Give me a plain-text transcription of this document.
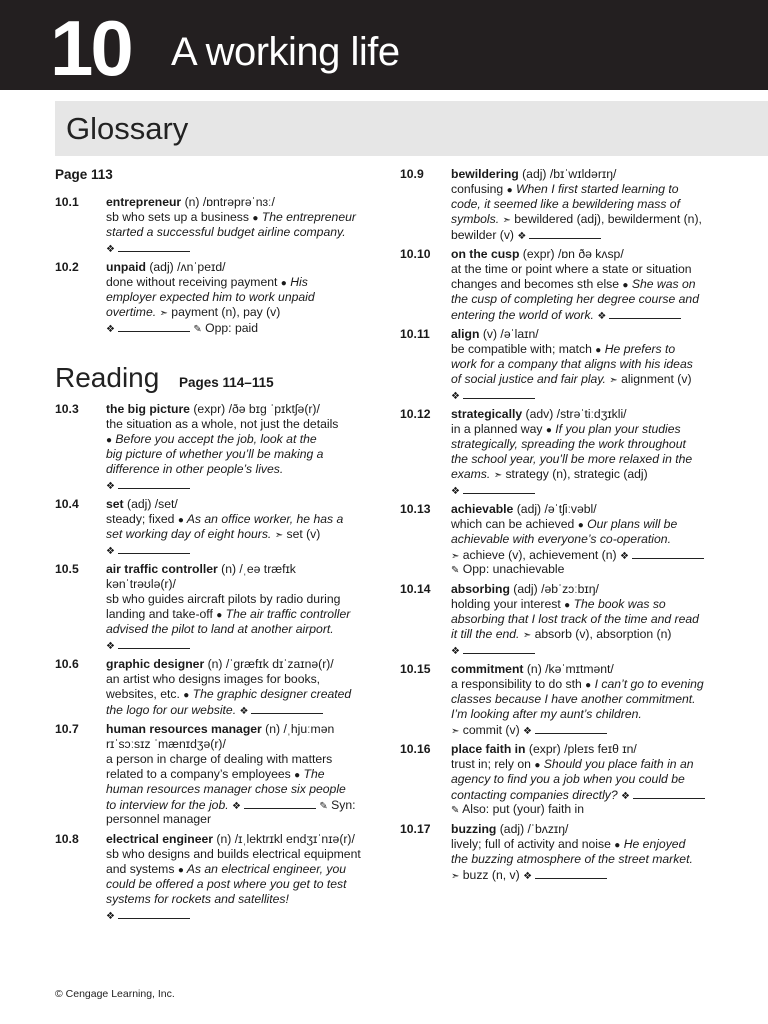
10 A working life
Glossary
Page 113
Reading Pages 114–115
10.1 entrepreneur (n) /ɒntrəprəˈnɜː/
sb who sets up a business ● The entrepreneur
started a successful budget airline company.
❖
10.2 unpaid (adj) /ʌnˈpeɪd/
done without receiving payment ● His
employer expected him to work unpaid
overtime. ➣ payment (n), pay (v)
❖	✎ Opp: paid
10.3 the big picture (expr) /ðə bɪɡ ˈpɪktʃə(r)/
the situation as a whole, not just the details
● Before you accept the job, look at the
big picture of whether you’ll be making a
difference in other people’s lives.
❖
10.4 set (adj) /set/
steady; fixed ● As an office worker, he has a
set working day of eight hours. ➣ set (v)
❖
10.5 air traffic controller (n) /ˌeə træfɪk
kənˈtrəʊlə(r)/
sb who guides aircraft pilots by radio during
landing and take-off ● The air traffic controller
advised the pilot to land at another airport.
❖
10.6 graphic designer (n) /ˈɡræfɪk dɪˈzaɪnə(r)/
an artist who designs images for books,
websites, etc. ● The graphic designer created
the logo for our website. ❖
10.7 human resources manager (n) /ˌhjuːmən
rɪˈsɔːsɪz ˈmænɪdʒə(r)/
a person in charge of dealing with matters
related to a company’s employees ● The
human resources manager chose six people
to interview for the job. ❖	✎ Syn:
personnel manager
10.8 electrical engineer (n) /ɪˌlektrɪkl endʒɪˈnɪə(r)/
sb who designs and builds electrical equipment
and systems ● As an electrical engineer, you
could be offered a post where you get to test
systems for rockets and satellites!
❖
10.9 bewildering (adj) /bɪˈwɪldərɪŋ/
confusing ● When I first started learning to
code, it seemed like a bewildering mass of
symbols. ➣ bewildered (adj), bewilderment (n),
bewilder (v) ❖
10.10 on the cusp (expr) /ɒn ðə kʌsp/
at the time or point where a state or situation
changes and becomes sth else ● She was on
the cusp of completing her degree course and
entering the world of work. ❖
10.11 align (v) /əˈlaɪn/
be compatible with; match ● He prefers to
work for a company that aligns with his ideas
of social justice and fair play. ➣ alignment (v)
❖
10.12 strategically (adv) /strəˈtiːdʒɪkli/
in a planned way ● If you plan your studies
strategically, spreading the work throughout
the school year, you’ll be more relaxed in the
exams. ➣ strategy (n), strategic (adj)
❖
10.13 achievable (adj) /əˈtʃiːvəbl/
which can be achieved ● Our plans will be
achievable with everyone’s co-operation.
➣ achieve (v), achievement (n) ❖
✎ Opp: unachievable
10.14 absorbing (adj) /əbˈzɔːbɪŋ/
holding your interest ● The book was so
absorbing that I lost track of the time and read
it till the end. ➣ absorb (v), absorption (n)
❖
10.15 commitment (n) /kəˈmɪtmənt/
a responsibility to do sth ● I can’t go to evening
classes because I have another commitment.
I’m looking after my aunt’s children.
➣ commit (v) ❖
10.16 place faith in (expr) /pleɪs feɪθ ɪn/
trust in; rely on ● Should you place faith in an
agency to find you a job when you could be
contacting companies directly? ❖
✎ Also: put (your) faith in
10.17 buzzing (adj) /ˈbʌzɪŋ/
lively; full of activity and noise ● He enjoyed
the buzzing atmosphere of the street market.
➣ buzz (n, v) ❖
© Cengage Learning, Inc.
